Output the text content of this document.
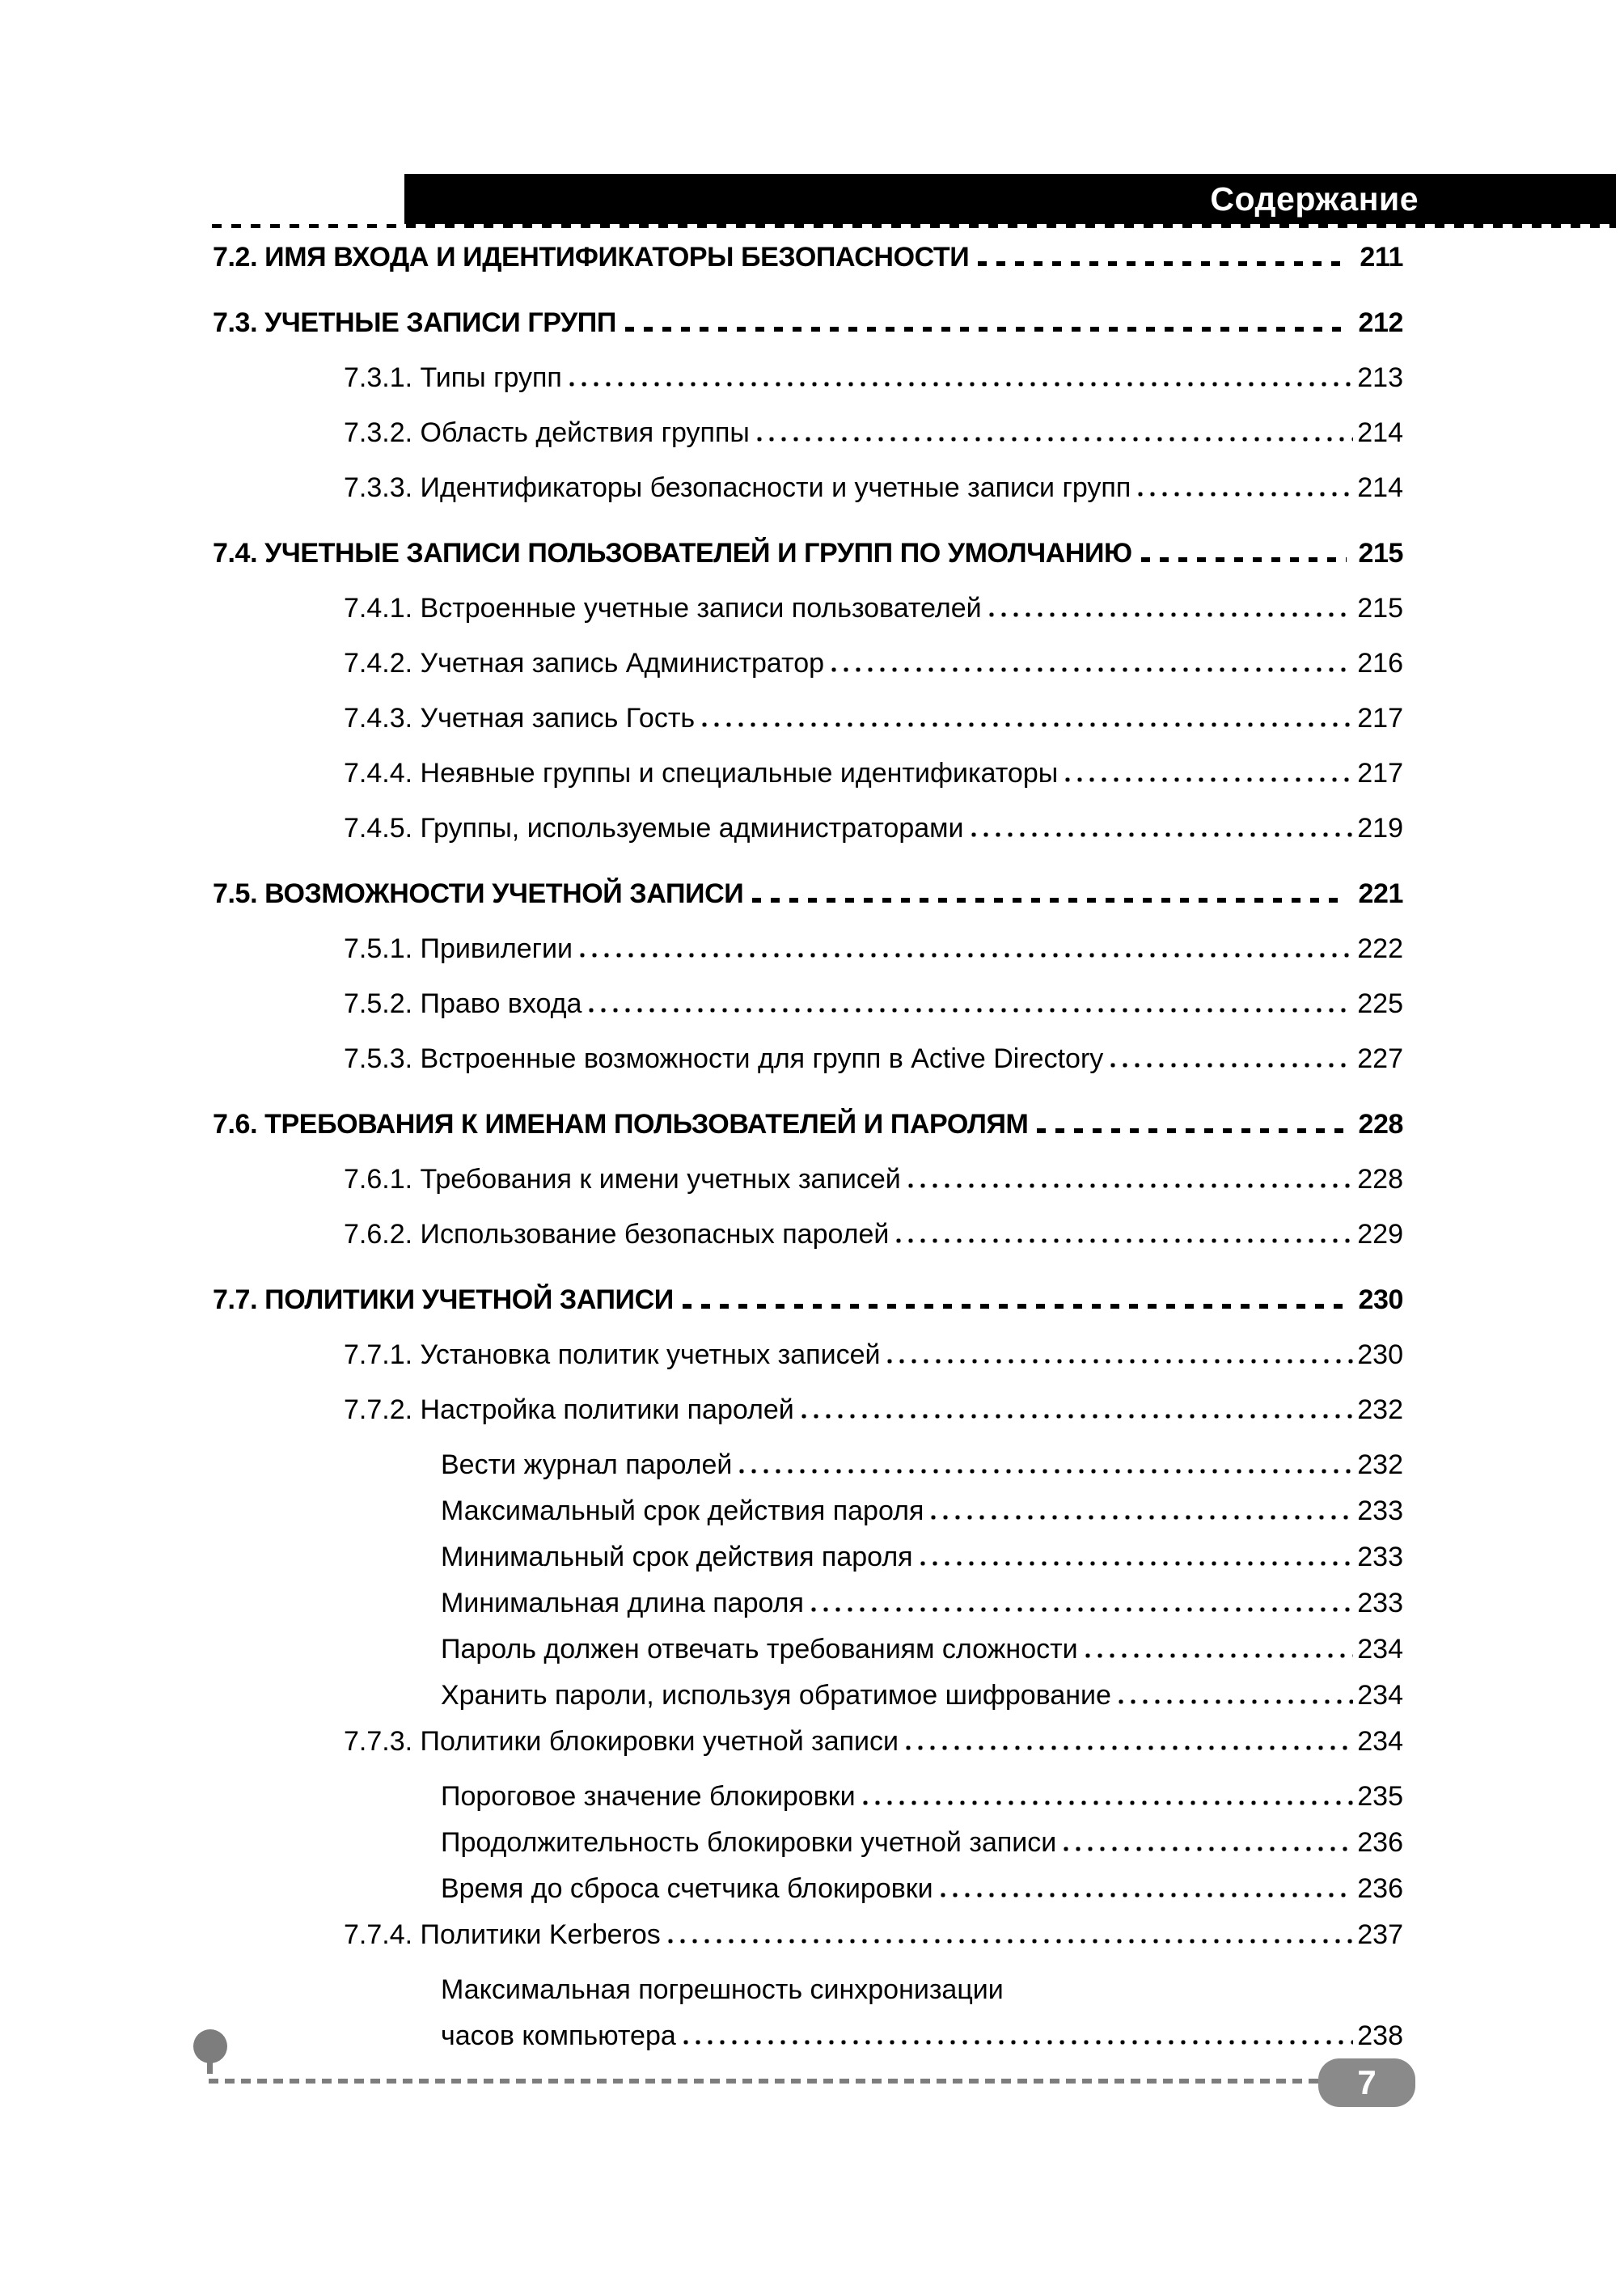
Содержание
7.2. ИМЯ ВХОДА И ИДЕНТИФИКАТОРЫ БЕЗОПАСНОСТИ	211
7.3. УЧЕТНЫЕ ЗАПИСИ ГРУПП	212
7.3.1. Типы групп	213
7.3.2. Область действия группы	214
7.3.3. Идентификаторы безопасности и учетные записи групп	214
7.4. УЧЕТНЫЕ ЗАПИСИ ПОЛЬЗОВАТЕЛЕЙ И ГРУПП ПО УМОЛЧАНИЮ	215
7.4.1. Встроенные учетные записи пользователей	215
7.4.2. Учетная запись Администратор	216
7.4.3. Учетная запись Гость	217
7.4.4. Неявные группы и специальные идентификаторы	217
7.4.5. Группы, используемые администраторами	219
7.5. ВОЗМОЖНОСТИ УЧЕТНОЙ ЗАПИСИ	221
7.5.1. Привилегии	222
7.5.2. Право входа	225
7.5.3. Встроенные возможности для групп в Active Directory	227
7.6. ТРЕБОВАНИЯ К ИМЕНАМ ПОЛЬЗОВАТЕЛЕЙ И ПАРОЛЯМ	228
7.6.1. Требования к имени учетных записей	228
7.6.2. Использование безопасных паролей	229
7.7. ПОЛИТИКИ УЧЕТНОЙ ЗАПИСИ	230
7.7.1. Установка политик учетных записей	230
7.7.2. Настройка политики паролей	232
Вести журнал паролей	232
Максимальный срок действия пароля	233
Минимальный срок действия пароля	233
Минимальная длина пароля	233
Пароль должен отвечать требованиям сложности	234
Хранить пароли, используя обратимое шифрование	234
7.7.3. Политики блокировки учетной записи	234
Пороговое значение блокировки	235
Продолжительность блокировки учетной записи	236
Время до сброса счетчика блокировки	236
7.7.4. Политики Kerberos	237
Максимальная погрешность синхронизации
часов компьютера	238
7
